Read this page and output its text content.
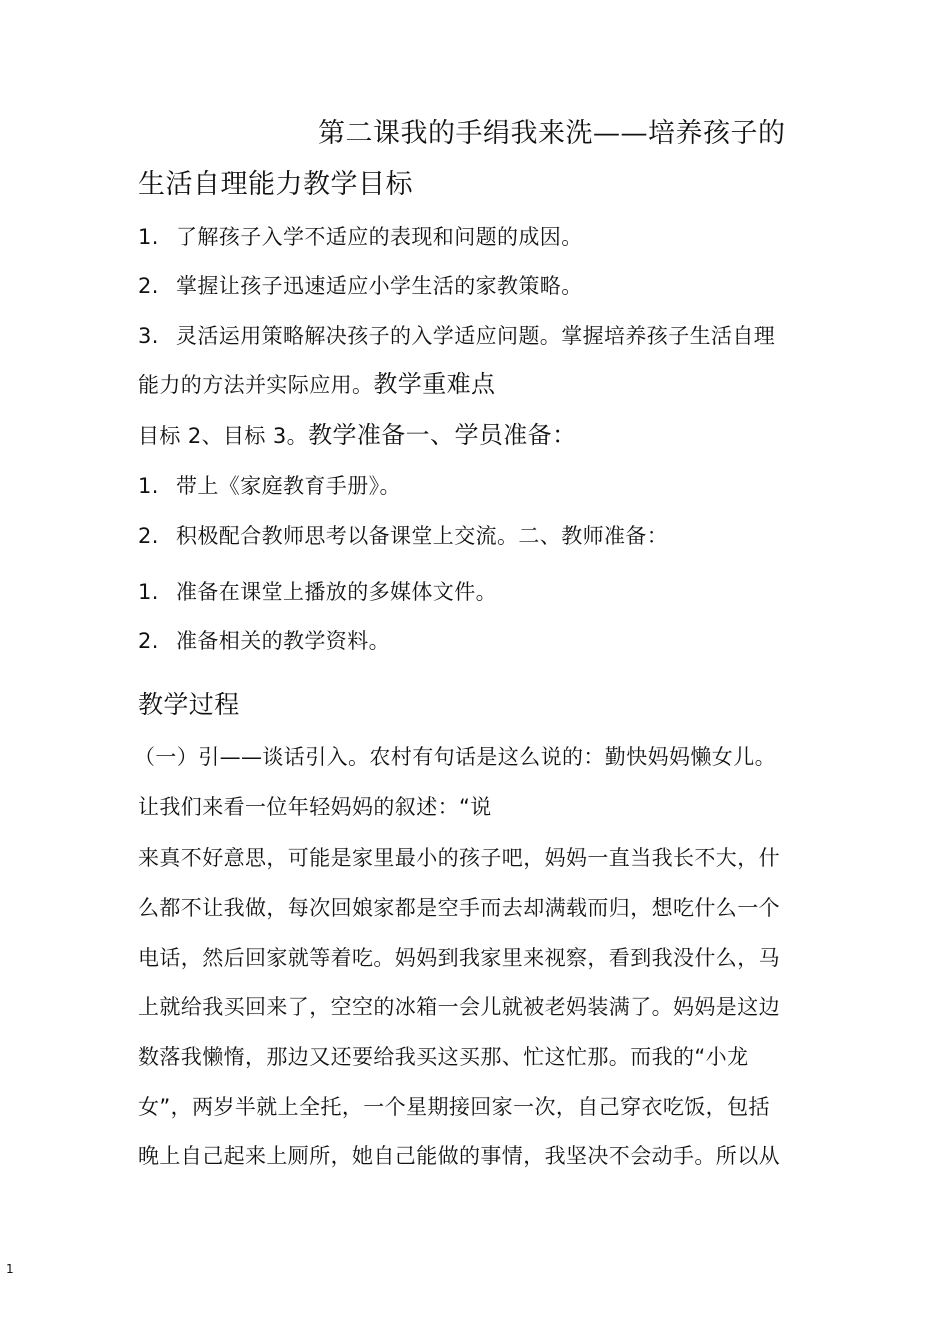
第二课我的手绢我来洗——培养孩子的
生活自理能力教学目标
1. 了解孩子入学不适应的表现和问题的成因。
2. 掌握让孩子迅速适应小学生活的家教策略。
3. 灵活运用策略解决孩子的入学适应问题。掌握培养孩子生活自理
能力的方法并实际应用。教学重难点
目标 2、目标 3。教学准备一、学员准备：
1. 带上《家庭教育手册》。
2. 积极配合教师思考以备课堂上交流。二、教师准备：
1. 准备在课堂上播放的多媒体文件。
2. 准备相关的教学资料。
教学过程
（一）引——谈话引入。农村有句话是这么说的：勤快妈妈懒女儿。
让我们来看一位年轻妈妈的叙述：“说
来真不好意思，可能是家里最小的孩子吧，妈妈一直当我长不大，什
么都不让我做，每次回娘家都是空手而去却满载而归，想吃什么一个
电话，然后回家就等着吃。妈妈到我家里来视察，看到我没什么，马
上就给我买回来了，空空的冰箱一会儿就被老妈装满了。妈妈是这边
数落我懒惰，那边又还要给我买这买那、忙这忙那。而我的“小龙
女”，两岁半就上全托，一个星期接回家一次，自己穿衣吃饭，包括
晚上自己起来上厕所，她自己能做的事情，我坚决不会动手。所以从
1
